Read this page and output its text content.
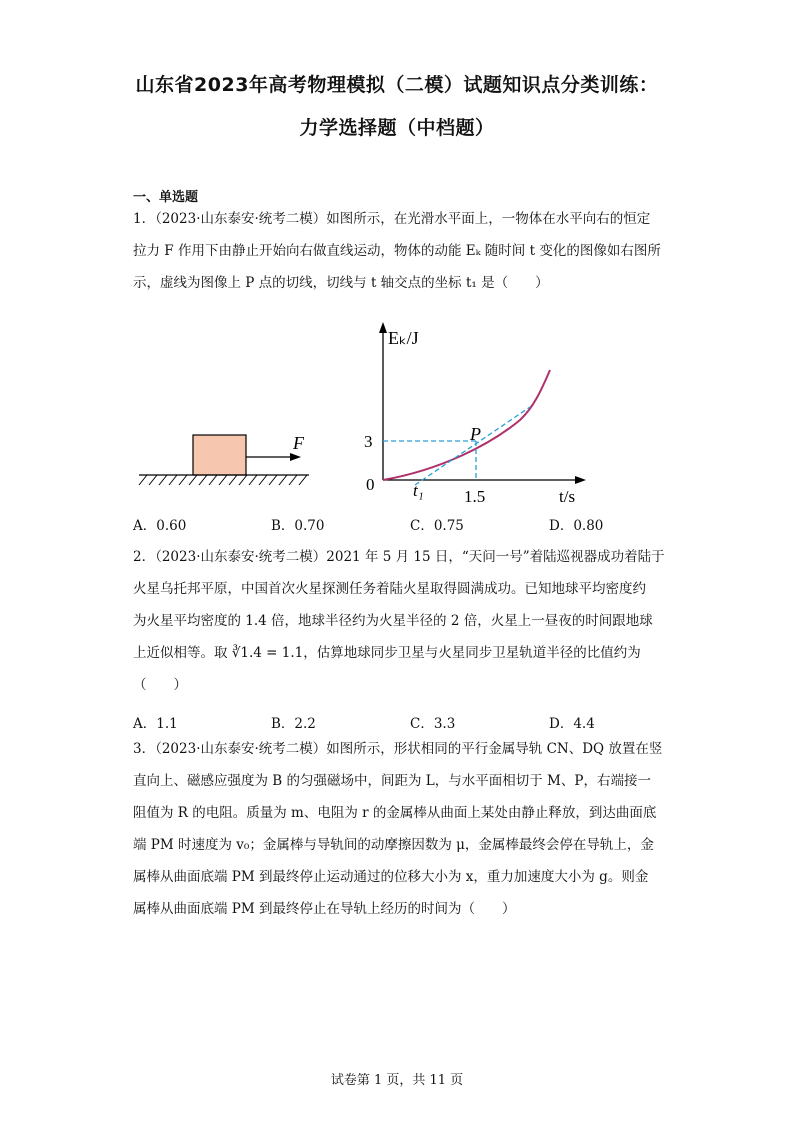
山东省2023年高考物理模拟（二模）试题知识点分类训练：
力学选择题（中档题）
一、单选题
1．（2023·山东泰安·统考二模）如图所示，在光滑水平面上，一物体在水平向右的恒定
拉力 F 作用下由静止开始向右做直线运动，物体的动能 Eₖ 随时间 t 变化的图像如右图所
示，虚线为图像上 P 点的切线，切线与 t 轴交点的坐标 t₁ 是（　　）
F
Eₖ/J
3
0
P
t₁ 1.5	t/s
A．0.60	B．0.70	C．0.75	D．0.80
2．（2023·山东泰安·统考二模）2021 年 5 月 15 日，“天问一号”着陆巡视器成功着陆于
火星乌托邦平原，中国首次火星探测任务着陆火星取得圆满成功。已知地球平均密度约
为火星平均密度的 1.4 倍，地球半径约为火星半径的 2 倍，火星上一昼夜的时间跟地球
上近似相等。取 ∛1.4 = 1.1，估算地球同步卫星与火星同步卫星轨道半径的比值约为
（　　）
A．1.1	B．2.2	C．3.3	D．4.4
3．（2023·山东泰安·统考二模）如图所示，形状相同的平行金属导轨 CN、DQ 放置在竖
直向上、磁感应强度为 B 的匀强磁场中，间距为 L，与水平面相切于 M、P，右端接一
阻值为 R 的电阻。质量为 m、电阻为 r 的金属棒从曲面上某处由静止释放，到达曲面底
端 PM 时速度为 v₀；金属棒与导轨间的动摩擦因数为 μ，金属棒最终会停在导轨上，金
属棒从曲面底端 PM 到最终停止运动通过的位移大小为 x，重力加速度大小为 g。则金
属棒从曲面底端 PM 到最终停止在导轨上经历的时间为（　　）
试卷第 1 页，共 11 页
